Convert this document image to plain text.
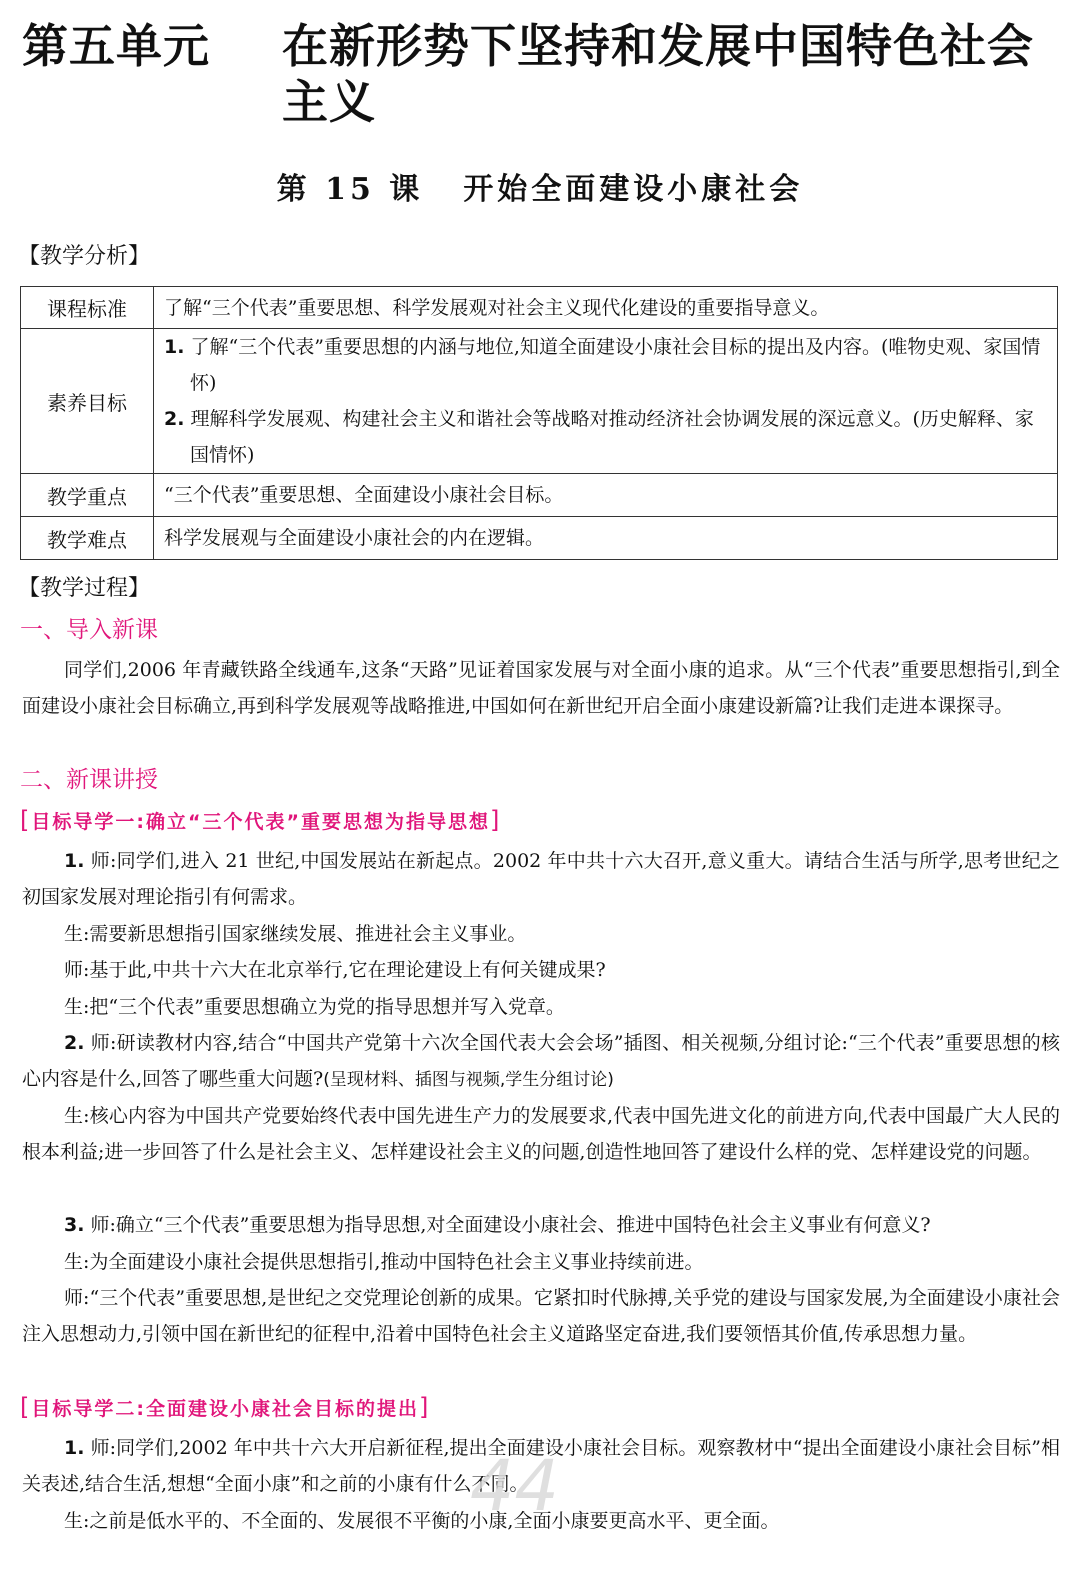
第五单元 在新形势下坚持和发展中国特色社会主义
第 15 课 开始全面建设小康社会
【教学分析】
课程标准	了解“三个代表”重要思想、科学发展观对社会主义现代化建设的重要指导意义。
素养目标	1. 了解“三个代表”重要思想的内涵与地位,知道全面建设小康社会目标的提出及内容。(唯物史观、家国情怀)
2. 理解科学发展观、构建社会主义和谐社会等战略对推动经济社会协调发展的深远意义。(历史解释、家国情怀)

教学重点	“三个代表”重要思想、全面建设小康社会目标。
教学难点	科学发展观与全面建设小康社会的内在逻辑。
【教学过程】
一、导入新课
同学们,2006 年青藏铁路全线通车,这条“天路”见证着国家发展与对全面小康的追求。从“三个代表”重要思想指引,到全面建设小康社会目标确立,再到科学发展观等战略推进,中国如何在新世纪开启全面小康建设新篇?让我们走进本课探寻。
二、新课讲授
[目标导学一:确立“三个代表”重要思想为指导思想]
1. 师:同学们,进入 21 世纪,中国发展站在新起点。2002 年中共十六大召开,意义重大。请结合生活与所学,思考世纪之初国家发展对理论指引有何需求。
生:需要新思想指引国家继续发展、推进社会主义事业。
师:基于此,中共十六大在北京举行,它在理论建设上有何关键成果?
生:把“三个代表”重要思想确立为党的指导思想并写入党章。
2. 师:研读教材内容,结合“中国共产党第十六次全国代表大会会场”插图、相关视频,分组讨论:“三个代表”重要思想的核心内容是什么,回答了哪些重大问题?(呈现材料、插图与视频,学生分组讨论)
生:核心内容为中国共产党要始终代表中国先进生产力的发展要求,代表中国先进文化的前进方向,代表中国最广大人民的根本利益;进一步回答了什么是社会主义、怎样建设社会主义的问题,创造性地回答了建设什么样的党、怎样建设党的问题。
3. 师:确立“三个代表”重要思想为指导思想,对全面建设小康社会、推进中国特色社会主义事业有何意义?
生:为全面建设小康社会提供思想指引,推动中国特色社会主义事业持续前进。
师:“三个代表”重要思想,是世纪之交党理论创新的成果。它紧扣时代脉搏,关乎党的建设与国家发展,为全面建设小康社会注入思想动力,引领中国在新世纪的征程中,沿着中国特色社会主义道路坚定奋进,我们要领悟其价值,传承思想力量。
[目标导学二:全面建设小康社会目标的提出]
1. 师:同学们,2002 年中共十六大开启新征程,提出全面建设小康社会目标。观察教材中“提出全面建设小康社会目标”相关表述,结合生活,想想“全面小康”和之前的小康有什么不同。
生:之前是低水平的、不全面的、发展很不平衡的小康,全面小康要更高水平、更全面。
44
